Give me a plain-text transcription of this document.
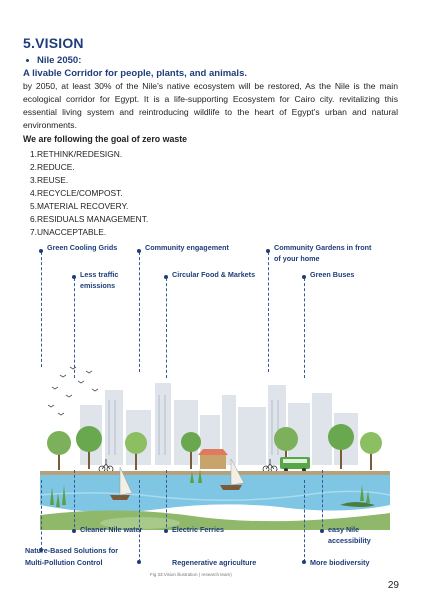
5.VISION
Nile 2050:
A livable Corridor for people, plants, and animals.
by 2050, at least 30% of the Nile’s native ecosystem will be restored, As the Nile is the main ecological corridor for Egypt. It is a life-supporting Ecosystem for Cairo city. revitalizing this essential living system and reintroducing wildlife to the heart of Egypt’s urban and natural environments.
We are following the goal of zero waste
1.RETHINK/REDESIGN.
2.REDUCE.
3.REUSE.
4.RECYCLE/COMPOST.
5.MATERIAL RECOVERY.
6.RESIDUALS MANAGEMENT.
7.UNACCEPTABLE.
Green Cooling Grids	Community engagement	Community Gardens in front
of your home
Less traffic
emissions
Circular Food & Markets	Green Buses
Cleaner Nile water	Electric Ferries	easy Nile
accessibility
Nature-Based Solutions for
Multi-Pollution Control	Regenerative agriculture	More biodiversity
Fig 33:Vision illustration ( research team)
29
